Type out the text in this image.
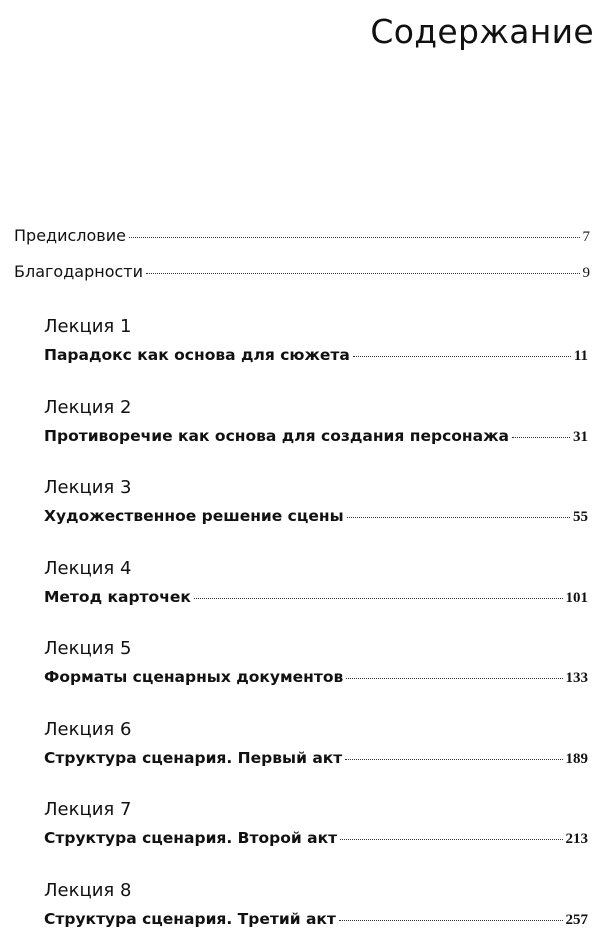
Содержание
Предисловие	7
Благодарности	9
Лекция 1
Парадокс как основа для сюжета	11
Лекция 2
Противоречие как основа для создания персонажа	31
Лекция 3
Художественное решение сцены	55
Лекция 4
Метод карточек	101
Лекция 5
Форматы сценарных документов	133
Лекция 6
Структура сценария. Первый акт	189
Лекция 7
Структура сценария. Второй акт	213
Лекция 8
Структура сценария. Третий акт	257
